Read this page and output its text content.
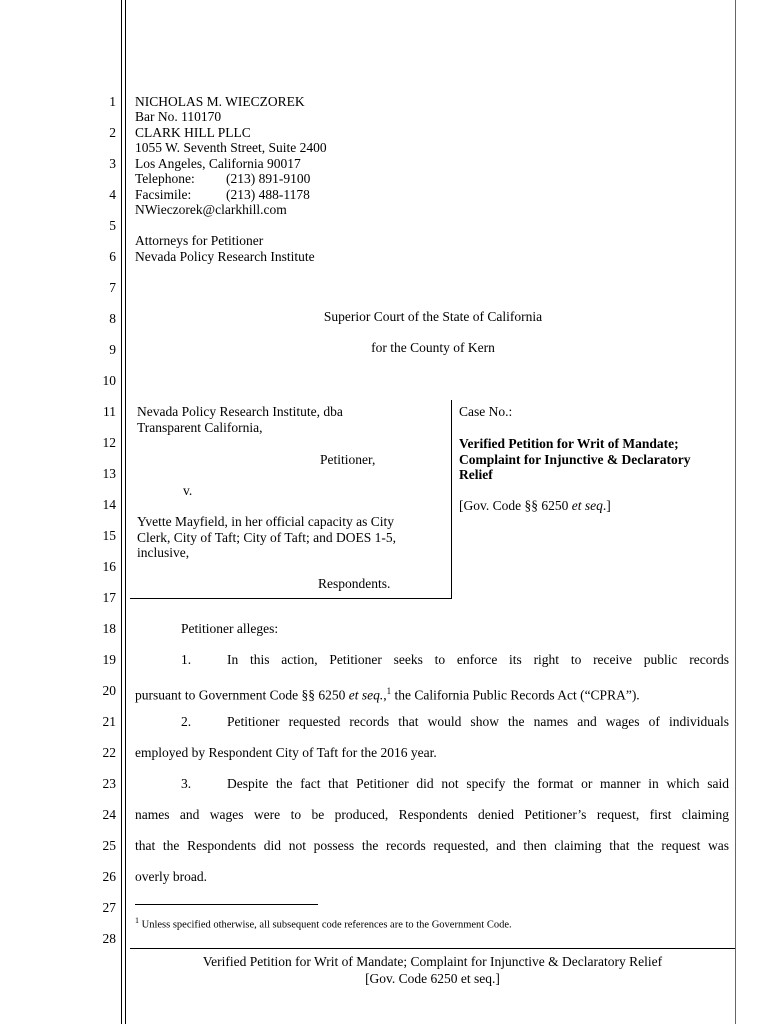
1
2
3
4
5
6
7
8
9
10
11
12
13
14
15
16
17
18
19
20
21
22
23
24
25
26
27
28
NICHOLAS M. WIECZOREK
Bar No. 110170
CLARK HILL PLLC
1055 W. Seventh Street, Suite 2400
Los Angeles, California 90017
Telephone: (213) 891-9100
Facsimile:	(213) 488-1178
NWieczorek@clarkhill.com
Attorneys for Petitioner
Nevada Policy Research Institute
Superior Court of the State of California
for the County of Kern
Nevada Policy Research Institute, dba
Transparent California,
Petitioner,
v.
Yvette Mayfield, in her official capacity as City
Clerk, City of Taft; City of Taft; and DOES 1-5,
inclusive,
Respondents.
Case No.:
Verified Petition for Writ of Mandate;
Complaint for Injunctive & Declaratory
Relief
[Gov. Code §§ 6250 et seq.]
Petitioner alleges:
1.	In this action, Petitioner seeks to enforce its right to receive public records
pursuant to Government Code §§ 6250 et seq.,$^1$ the California Public Records Act (“CPRA”).
2.	Petitioner requested records that would show the names and wages of individuals
employed by Respondent City of Taft for the 2016 year.
3.	Despite the fact that Petitioner did not specify the format or manner in which said
names and wages were to be produced, Respondents denied Petitioner’s request, first claiming
that the Respondents did not possess the records requested, and then claiming that the request was
overly broad.
$^1$ Unless specified otherwise, all subsequent code references are to the Government Code.
Verified Petition for Writ of Mandate; Complaint for Injunctive & Declaratory Relief
[Gov. Code 6250 et seq.]
